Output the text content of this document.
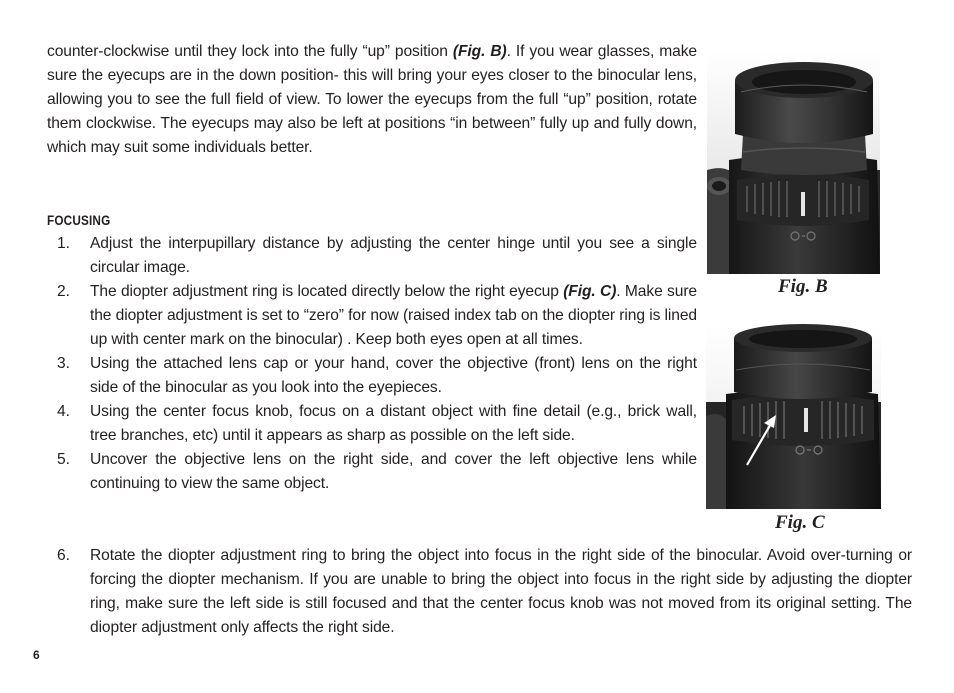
counter-clockwise until they lock into the fully “up” position (Fig. B). If you wear glasses, make sure the eyecups are in the down position- this will bring your eyes closer to the binocular lens, allowing you to see the full field of view. To lower the eyecups from the full “up” position, rotate them clockwise. The eyecups may also be left at positions “in between” fully up and fully down, which may suit some individuals better.
FOCUSING
1. Adjust the interpupillary distance by adjusting the center hinge until you see a single circular image.
2. The diopter adjustment ring is located directly below the right eyecup (Fig. C). Make sure the diopter adjustment is set to “zero” for now (raised index tab on the diopter ring is lined up with center mark on the binocular) . Keep both eyes open at all times.
3. Using the attached lens cap or your hand, cover the objective (front) lens on the right side of the binocular as you look into the eyepieces.
4. Using the center focus knob, focus on a distant object with fine detail (e.g., brick wall, tree branches, etc) until it appears as sharp as possible on the left side.
5. Uncover the objective lens on the right side, and cover the left objective lens while continuing to view the same object.
6. Rotate the diopter adjustment ring to bring the object into focus in the right side of the binocular. Avoid over-turning or forcing the diopter mechanism. If you are unable to bring the object into focus in the right side by adjusting the diopter ring, make sure the left side is still focused and that the center focus knob was not moved from its original setting. The diopter adjustment only affects the right side.
Fig. B
Fig. C
6
